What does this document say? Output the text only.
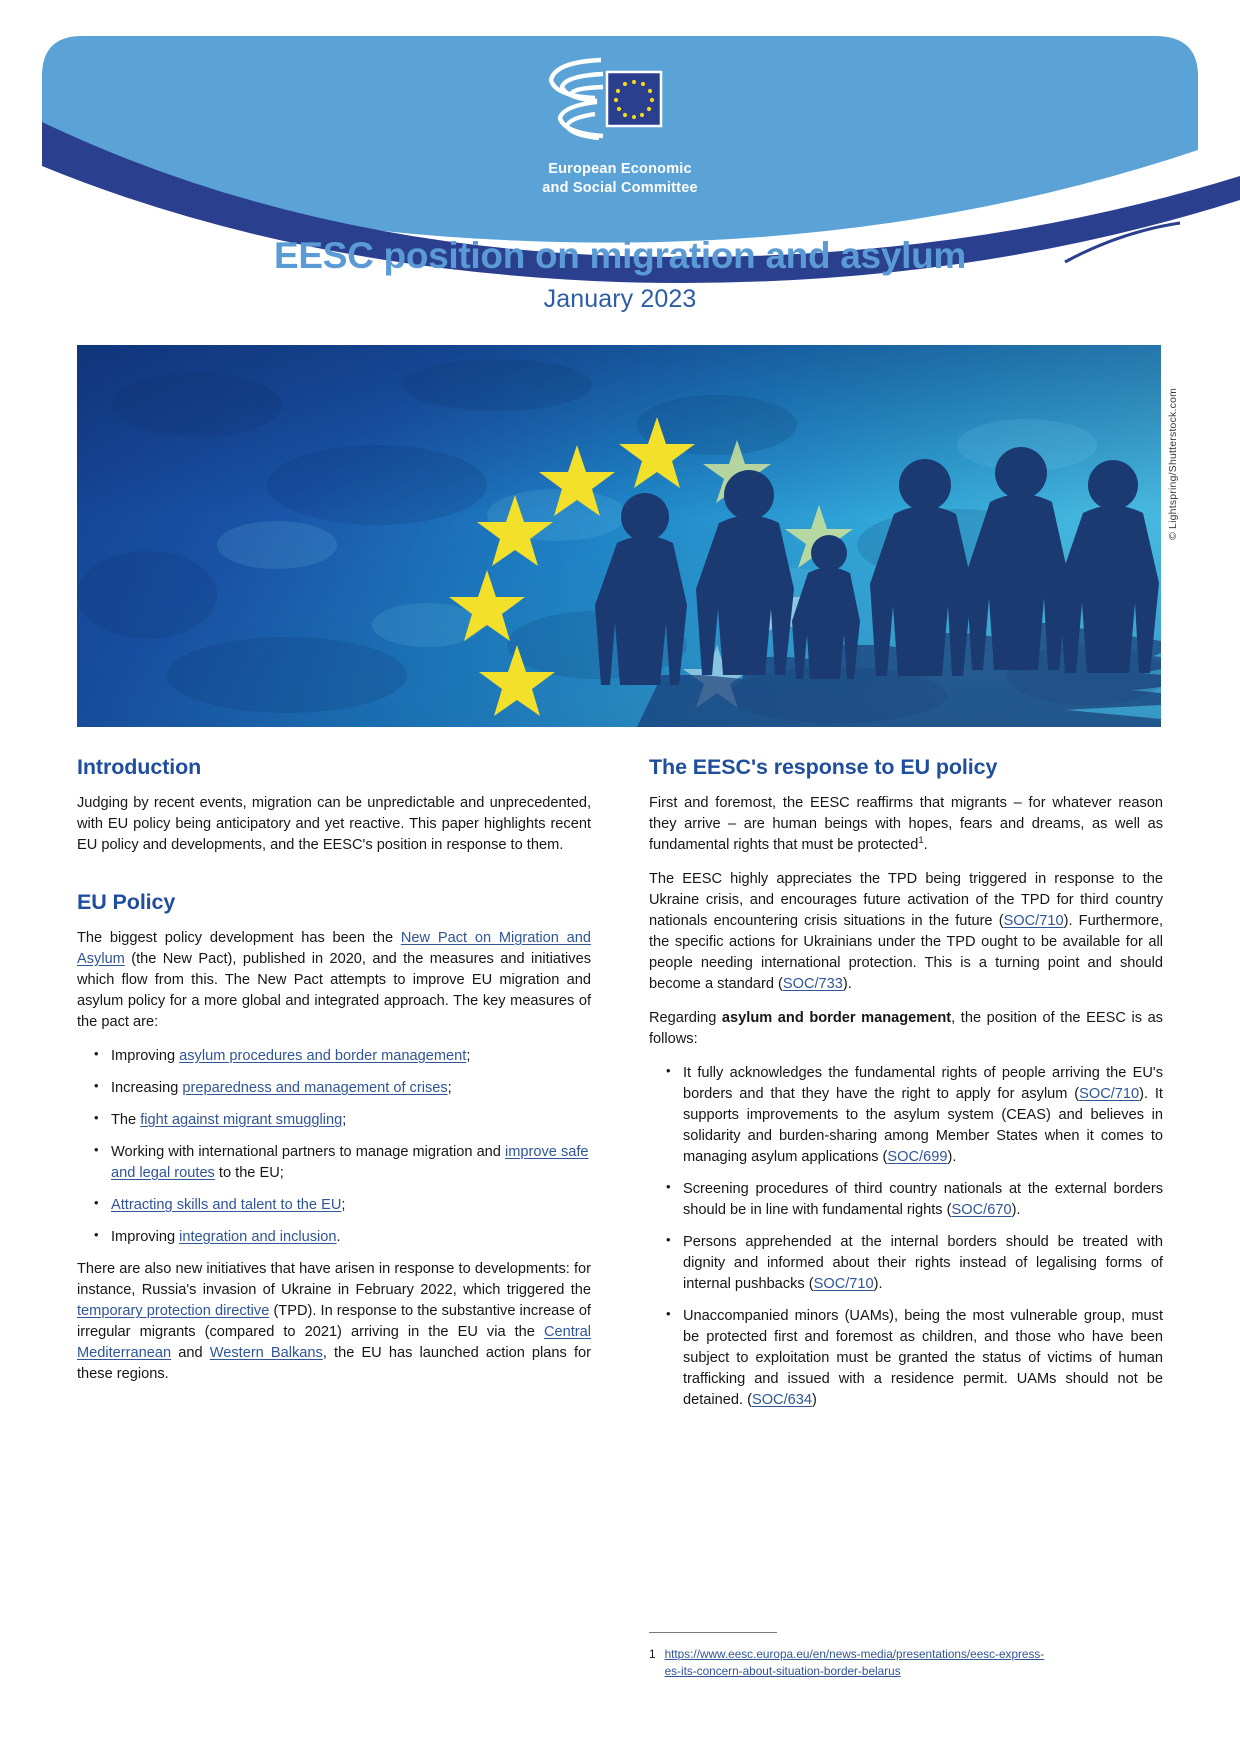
European Economic
and Social Committee
EESC position on migration and asylum
January 2023
© Lightspring/Shutterstock.com
Introduction

Judging by recent events, migration can be unpredictable and unprecedented, with EU policy being anticipatory and yet reactive. This paper highlights recent EU policy and developments, and the EESC's position in response to them.

EU Policy

The biggest policy development has been the New Pact on Migration and Asylum (the New Pact), published in 2020, and the measures and initiatives which flow from this. The New Pact attempts to improve EU migration and asylum policy for a more global and integrated approach. The key measures of the pact are:

• Improving asylum procedures and border management;
• Increasing preparedness and management of crises;
• The fight against migrant smuggling;
• Working with international partners to manage migration and improve safe and legal routes to the EU;
• Attracting skills and talent to the EU;
• Improving integration and inclusion.

There are also new initiatives that have arisen in response to developments: for instance, Russia's invasion of Ukraine in February 2022, which triggered the temporary protection directive (TPD). In response to the substantive increase of irregular migrants (compared to 2021) arriving in the EU via the Central Mediterranean and Western Balkans, the EU has launched action plans for these regions.

The EESC's response to EU policy

First and foremost, the EESC reaffirms that migrants – for whatever reason they arrive – are human beings with hopes, fears and dreams, as well as fundamental rights that must be protected$^1$.

The EESC highly appreciates the TPD being triggered in response to the Ukraine crisis, and encourages future activation of the TPD for third country nationals encountering crisis situations in the future (SOC/710). Furthermore, the specific actions for Ukrainians under the TPD ought to be available for all people needing international protection. This is a turning point and should become a standard (SOC/733).

Regarding asylum and border management, the position of the EESC is as follows:

• It fully acknowledges the fundamental rights of people arriving the EU's borders and that they have the right to apply for asylum (SOC/710). It supports improvements to the asylum system (CEAS) and believes in solidarity and burden-sharing among Member States when it comes to managing asylum applications (SOC/699).
• Screening procedures of third country nationals at the external borders should be in line with fundamental rights (SOC/670).
• Persons apprehended at the internal borders should be treated with dignity and informed about their rights instead of legalising forms of internal pushbacks (SOC/710).
• Unaccompanied minors (UAMs), being the most vulnerable group, must be protected first and foremost as children, and those who have been subject to exploitation must be granted the status of victims of human trafficking and issued with a residence permit. UAMs should not be detained. (SOC/634)
1 https://www.eesc.europa.eu/en/news-media/presentations/eesc-express-
es-its-concern-about-situation-border-belarus
